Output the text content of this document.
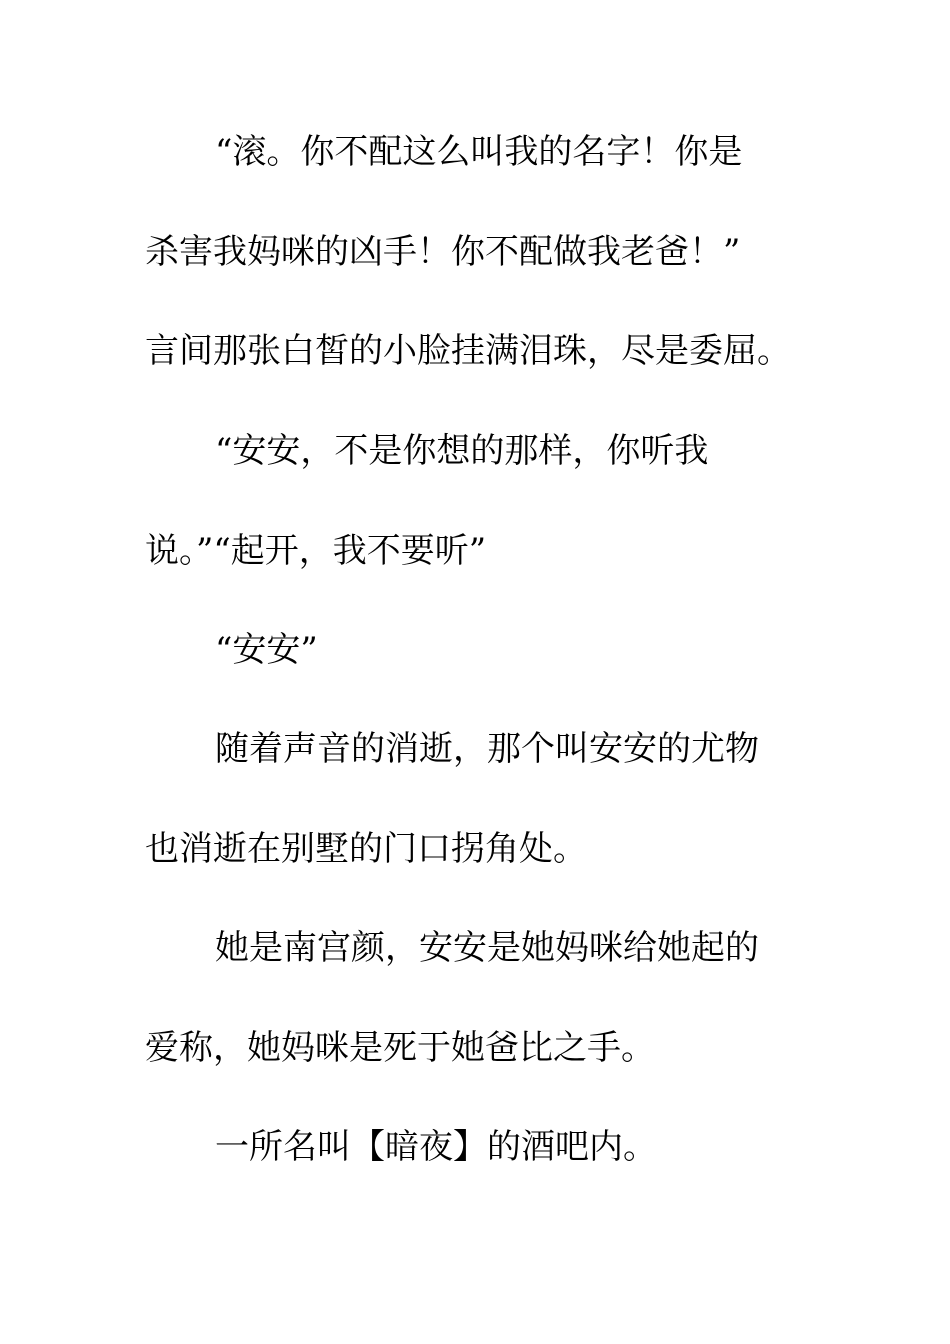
“滚。你不配这么叫我的名字！你是
杀害我妈咪的凶手！你不配做我老爸！”
言间那张白皙的小脸挂满泪珠，尽是委屈。
“安安，不是你想的那样，你听我
说。”“起开，我不要听”
“安安”
随着声音的消逝，那个叫安安的尤物
也消逝在别墅的门口拐角处。
她是南宫颜，安安是她妈咪给她起的
爱称，她妈咪是死于她爸比之手。
一所名叫【暗夜】的酒吧内。
